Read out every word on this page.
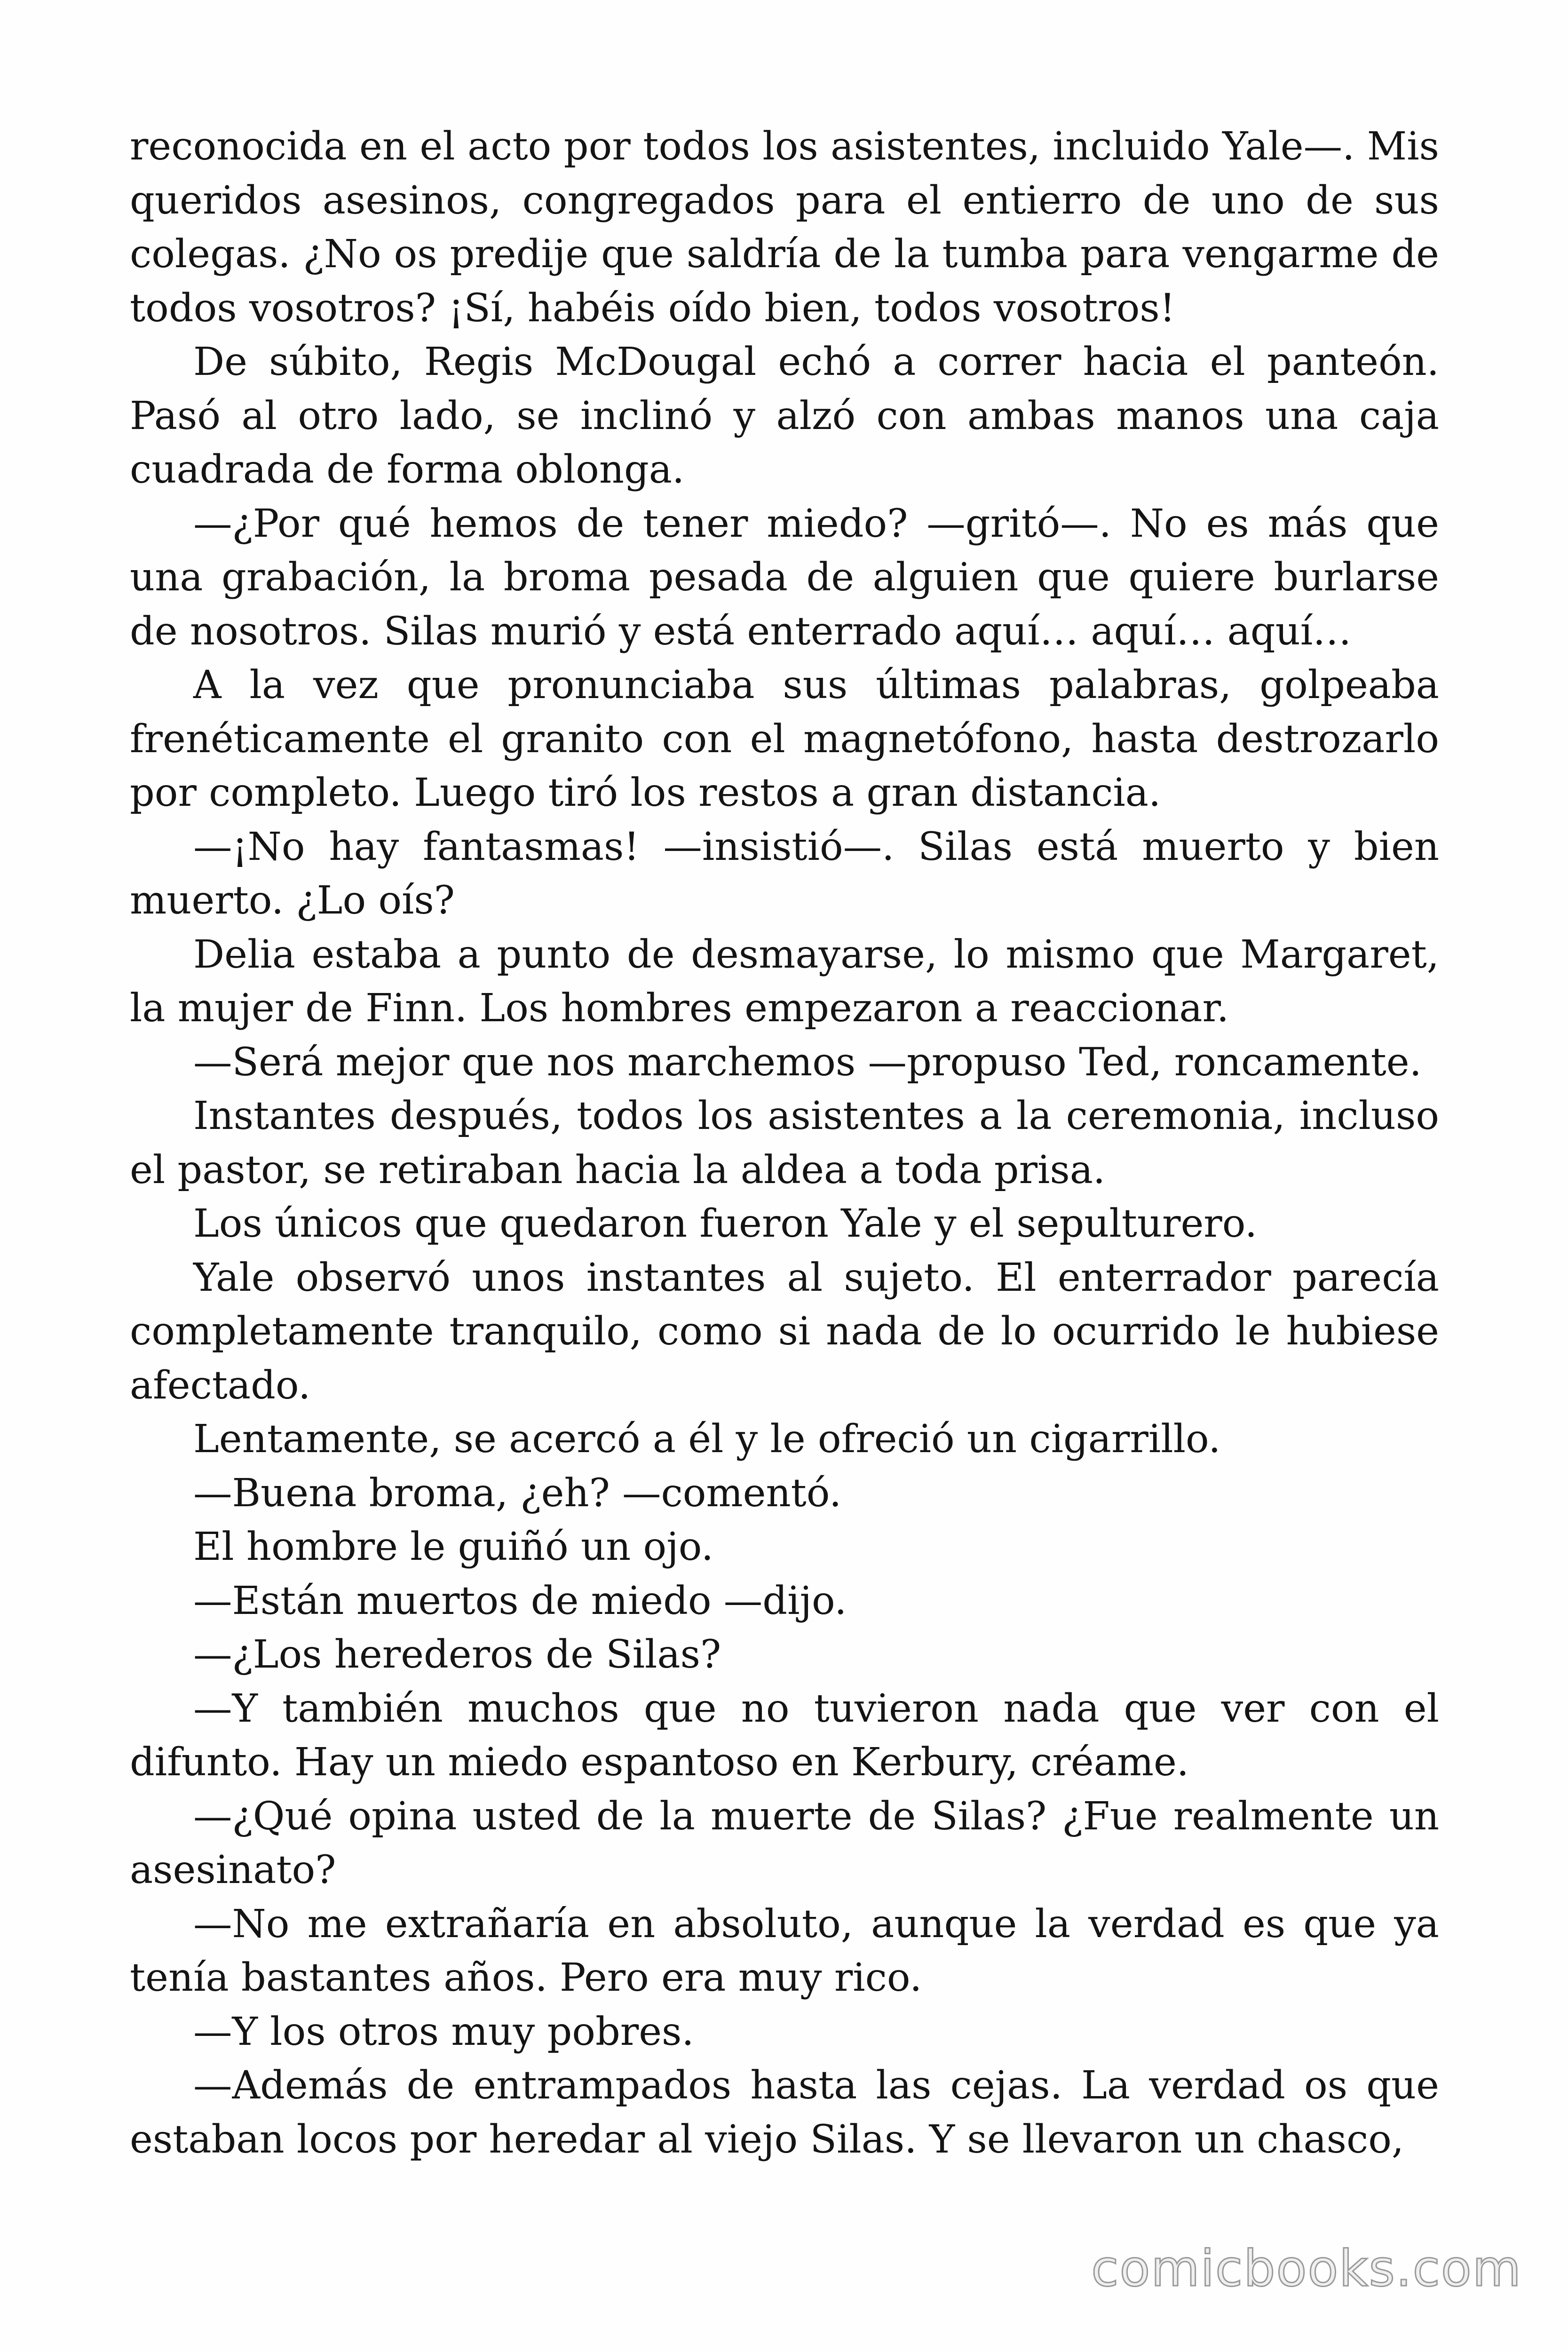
reconocida en el acto por todos los asistentes, incluido Yale—. Mis queridos asesinos, congregados para el entierro de uno de sus colegas. ¿No os predije que saldría de la tumba para vengarme de todos vosotros? ¡Sí, habéis oído bien, todos vosotros!

De súbito, Regis McDougal echó a correr hacia el panteón. Pasó al otro lado, se inclinó y alzó con ambas manos una caja cuadrada de forma oblonga.

—¿Por qué hemos de tener miedo? —gritó—. No es más que una grabación, la broma pesada de alguien que quiere burlarse de nosotros. Silas murió y está enterrado aquí… aquí… aquí…

A la vez que pronunciaba sus últimas palabras, golpeaba frenéticamente el granito con el magnetófono, hasta destrozarlo por completo. Luego tiró los restos a gran distancia.

—¡No hay fantasmas! —insistió—. Silas está muerto y bien muerto. ¿Lo oís?

Delia estaba a punto de desmayarse, lo mismo que Margaret, la mujer de Finn. Los hombres empezaron a reaccionar.

—Será mejor que nos marchemos —propuso Ted, roncamente.

Instantes después, todos los asistentes a la ceremonia, incluso el pastor, se retiraban hacia la aldea a toda prisa.

Los únicos que quedaron fueron Yale y el sepulturero.

Yale observó unos instantes al sujeto. El enterrador parecía completamente tranquilo, como si nada de lo ocurrido le hubiese afectado.

Lentamente, se acercó a él y le ofreció un cigarrillo.

—Buena broma, ¿eh? —comentó.

El hombre le guiñó un ojo.

—Están muertos de miedo —dijo.

—¿Los herederos de Silas?

—Y también muchos que no tuvieron nada que ver con el difunto. Hay un miedo espantoso en Kerbury, créame.

—¿Qué opina usted de la muerte de Silas? ¿Fue realmente un asesinato?

—No me extrañaría en absoluto, aunque la verdad es que ya tenía bastantes años. Pero era muy rico.

—Y los otros muy pobres.

—Además de entrampados hasta las cejas. La verdad os que estaban locos por heredar al viejo Silas. Y se llevaron un chasco,

comicbooks.com
